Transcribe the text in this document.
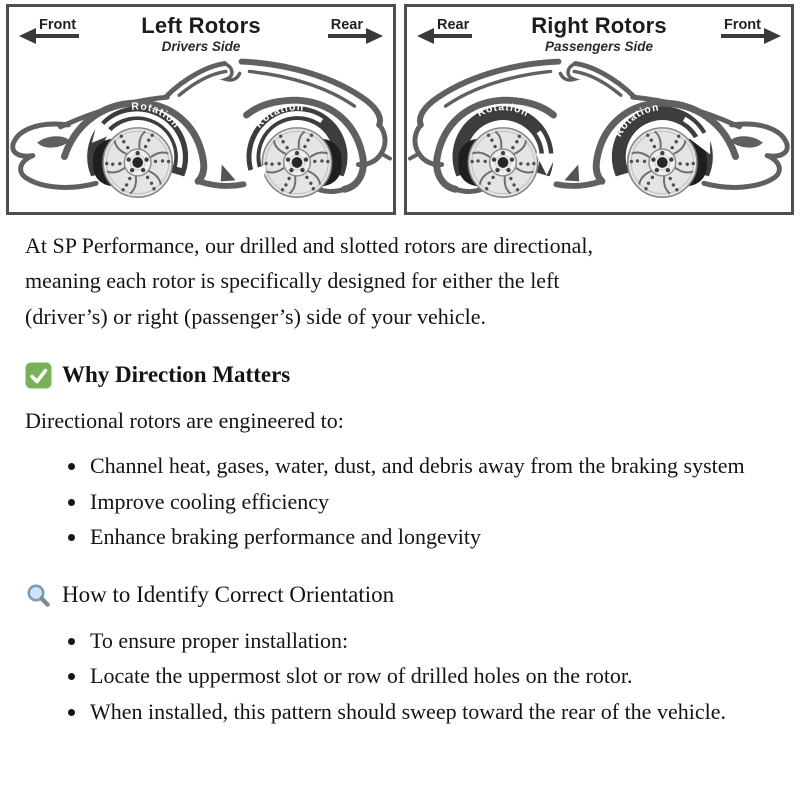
Front	Left Rotors
Drivers Side
Rear
Rotation	Rotation
Rear	Right Rotors
Passengers Side
Front
Rotation
Rotation

At SP Performance, our drilled and slotted rotors are directional,
meaning each rotor is specifically designed for either the left
(driver’s) or right (passenger’s) side of your vehicle.

Why Direction Matters

Directional rotors are engineered to:

• Channel heat, gases, water, dust, and debris away from the braking system
• Improve cooling efficiency
• Enhance braking performance and longevity
How to Identify Correct Orientation
• To ensure proper installation:
• Locate the uppermost slot or row of drilled holes on the rotor.
• When installed, this pattern should sweep toward the rear of the vehicle.
